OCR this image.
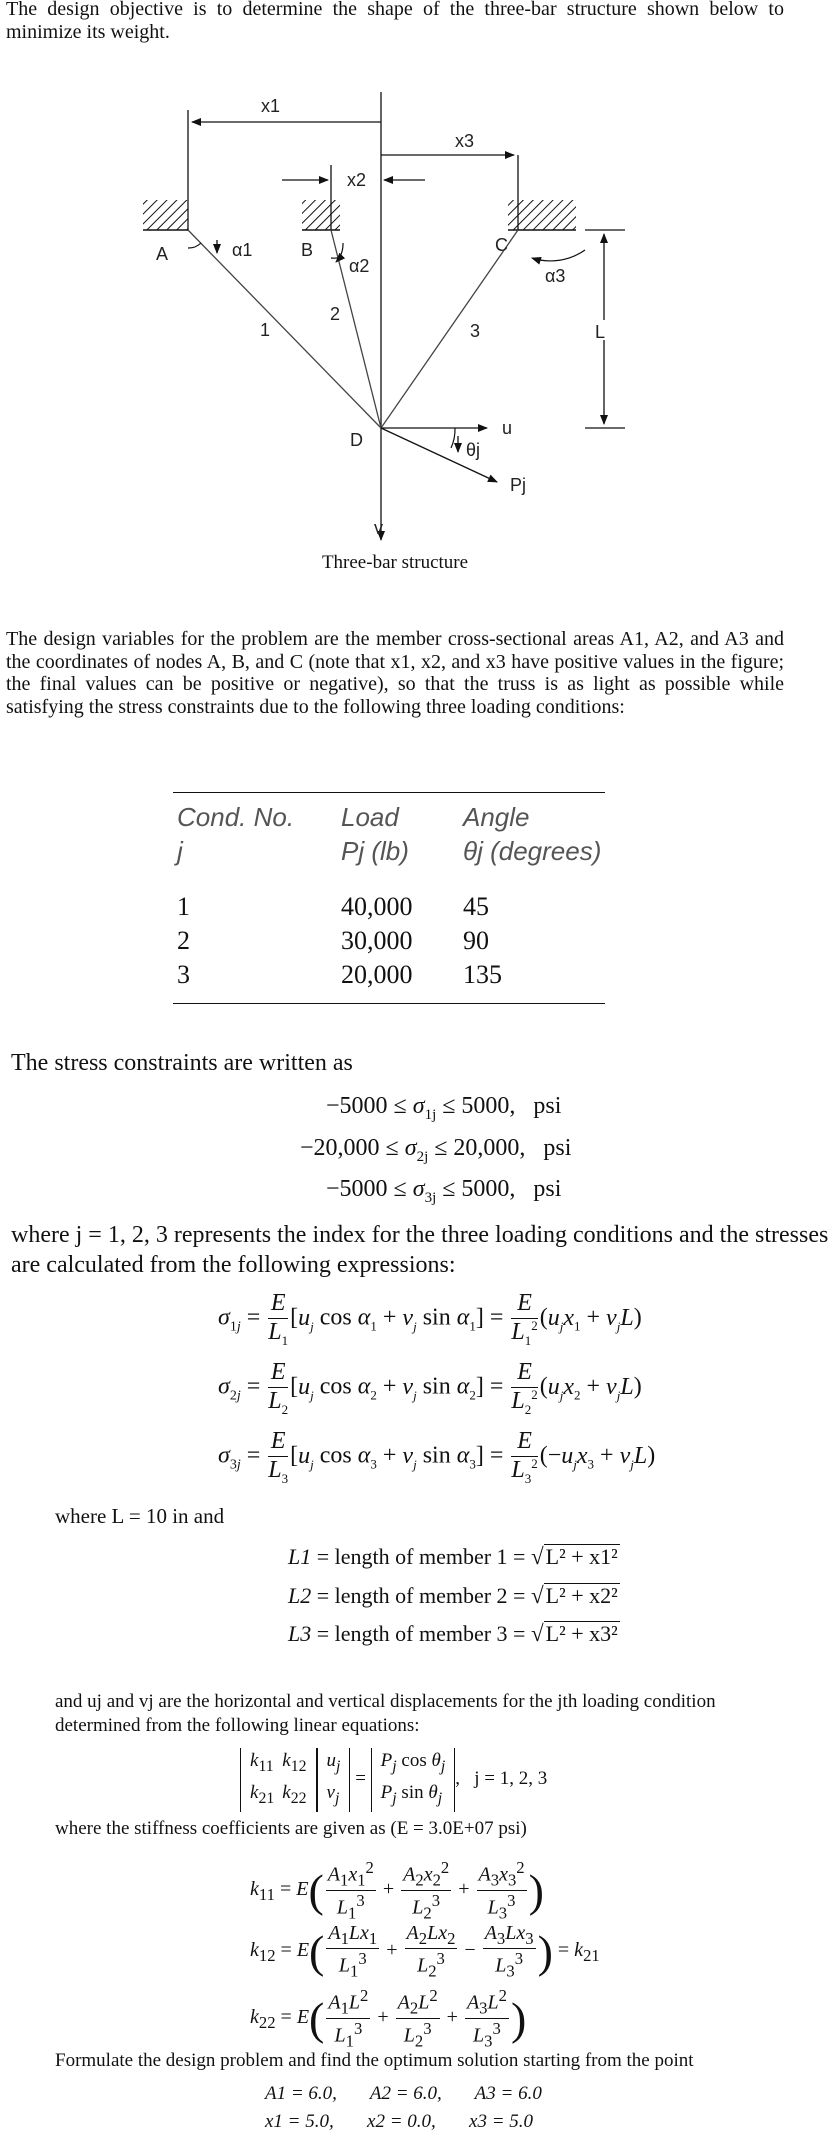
The design objective is to determine the shape of the three-bar structure shown below to minimize its weight.
x1
x3
x2
A	B	C
α1
α2	α3
1
2
3	L
D
u
θj
Pj
v
Three-bar structure
The design variables for the problem are the member cross-sectional areas A1, A2, and A3 and the coordinates of nodes A, B, and C (note that x1, x2, and x3 have positive values in the figure; the final values can be positive or negative), so that the truss is as light as possible while satisfying the stress constraints due to the following three loading conditions:
Cond. No.	Load	Angle
j	Pj (lb)	θj (degrees)

1	40,000	45
2	30,000	90
3	20,000	135
The stress constraints are written as
$-5000 \le \sigma_{1j} \le 5000$, psi
$-20,000 \le \sigma_{2j} \le 20,000$, psi
$-5000 \le \sigma_{3j} \le 5000$, psi
where j = 1, 2, 3 represents the index for the three loading conditions and the stresses are calculated from the following expressions:
$\sigma_{1j} = \frac{E}{L_1} [u_j$ $\cos \alpha_1 + v_j$ $\sin \alpha_1] = \frac{E}{L_1^2} (u_jx_1 + v_jL)$
$\sigma_{2j} = \frac{E}{L_2} [u_j$ $\cos \alpha_2 + v_j$ $\sin \alpha_2] = \frac{E}{L_2^2} (u_jx_2 + v_jL)$
$\sigma_{3j} = \frac{E}{L_3} [u_j$ $\cos \alpha_3 + v_j$ $\sin \alpha_3] = \frac{E}{L_3^2} (-u_jx_3 + v_jL)$
where L = 10 in and
L1 = length of member 1 = √L² + x1²
L2 = length of member 2 = √L² + x2²
L3 = length of member 3 = √L² + x3²
and uj and vj are the horizontal and vertical displacements for the jth loading condition determined from the following linear equations:
$k_{11}$	$k_{12}$
$k_{21}$	$k_{22}$
$u_j$
$v_j$
=
$P_j$ $\cos \theta_j$
$P_j$ $\sin \theta_j$
,   j = 1, 2, 3
where the stiffness coefficients are given as (E = 3.0E+07 psi)
$k_{11} = E( \frac{A_1x_1^2}{L_1^3} + \frac{A_2x_2^2}{L_2^3} + \frac{A_3x_3^2}{L_3^3}$ )
$k_{12} = E( \frac{A_1Lx_1}{L_1^3} + \frac{A_2Lx_2}{L_2^3} - \frac{A_3Lx_3}{L_3^3}$ ) = $k_{21}$
$k_{22} = E( \frac{A_1L^2}{L_1^3} + \frac{A_2L^2}{L_2^3} + \frac{A_3L^2}{L_3^3}$ )
Formulate the design problem and find the optimum solution starting from the point
A1 = 6.0,       A2 = 6.0,       A3 = 6.0
x1 = 5.0,       x2 = 0.0,       x3 = 5.0
